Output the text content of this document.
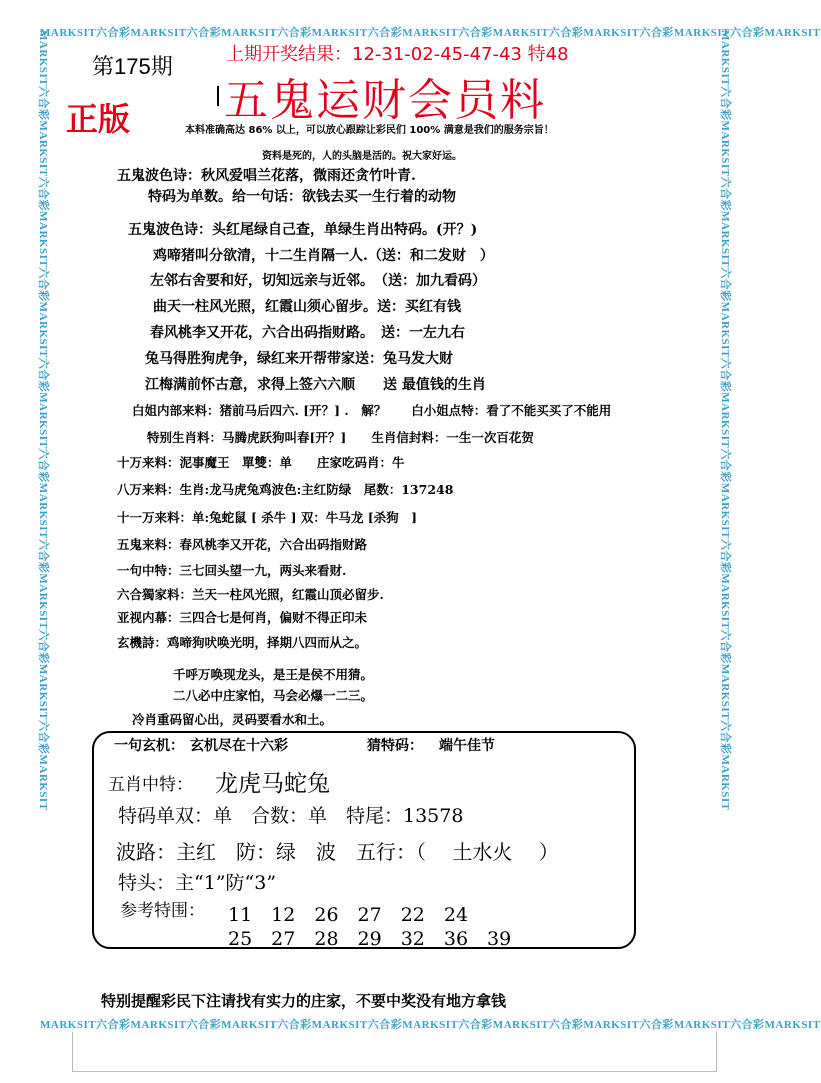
MARKSIT六合彩MARKSIT六合彩MARKSIT六合彩MARKSIT六合彩MARKSIT六合彩MARKSIT六合彩MARKSIT六合彩MARKSIT六合彩MARKSIT
MARKSIT六合彩MARKSIT六合彩MARKSIT六合彩MARKSIT六合彩MARKSIT六合彩MARKSIT六合彩MARKSIT六合彩MARKSIT六合彩MARKSIT
MARKSIT六合彩MARKSIT六合彩MARKSIT六合彩MARKSIT六合彩MARKSIT六合彩MARKSIT六合彩MARKSIT六合彩MARKSIT六合彩MARKSIT	MARKSIT六合彩MARKSIT六合彩MARKSIT六合彩MARKSIT六合彩MARKSIT六合彩MARKSIT六合彩MARKSIT六合彩MARKSIT六合彩MARKSIT
第175期
正版
上期开奖结果：12-31-02-45-47-43 特48
五鬼运财会员料
本料准确高达 86% 以上，可以放心跟踪让彩民们 100% 满意是我们的服务宗旨！
资料是死的，人的头脑是活的。祝大家好运。
五鬼波色诗：秋风爱唱兰花落，微雨还贪竹叶青.
特码为单数。给一句话：欲钱去买一生行着的动物
五鬼波色诗：头红尾绿自己查，单绿生肖出特码。(开？)
鸡啼猪叫分欲清，十二生肖隔一人.（送：和二发财　）
左邻右舍要和好，切知远亲与近邻。　（送：加九看码）
曲天一柱风光照，红霞山须心留步。送：买红有钱
春风桃李又开花，六合出码指财路。　送：一左九右
兔马得胜狗虎争，绿红来开帮带家送：兔马发大财
江梅满前怀古意，求得上签六六顺　　送 最值钱的生肖
白姐内部来料：猪前马后四六. [开？] .　解？　　白小姐点特：看了不能买买了不能用
特别生肖料：马腾虎跃狗叫春[开？]　　生肖信封料：一生一次百花贺
十万来料：泥事魔王　單雙：单　　庄家吃码肖：牛
八万来料：生肖:龙马虎兔鸡波色:主红防绿　尾数：137248
十一万来料：单:兔蛇鼠 [ 杀牛 ] 双：牛马龙 [杀狗　]
五鬼来料：春风桃李又开花，六合出码指财路
一句中特：三七回头望一九，两头来看财.
六合獨家料：兰天一柱风光照，红霞山顶必留步.
亚视内幕：三四合七是何肖，偏财不得正印未
玄機詩：鸡啼狗吠唤光明，择期八四而从之。
千呼万唤现龙头，是王是侯不用猜。
二八必中庄家怕，马会必爆一二三。
冷肖重码留心出，灵码要看水和土。
一句玄机： 玄机尽在十六彩	猜特码： 端午佳节
五肖中特： 龙虎马蛇兔
特码单双：单　合数：单　特尾：13578
波路：主红　防：绿　波　五行：（　 土水火　 ）
特头：主“1”防“3”
参考特围： 11　12　26　27　22　24
25　27　28　29　32　36　39
特别提醒彩民下注请找有实力的庄家，不要中奖没有地方拿钱
